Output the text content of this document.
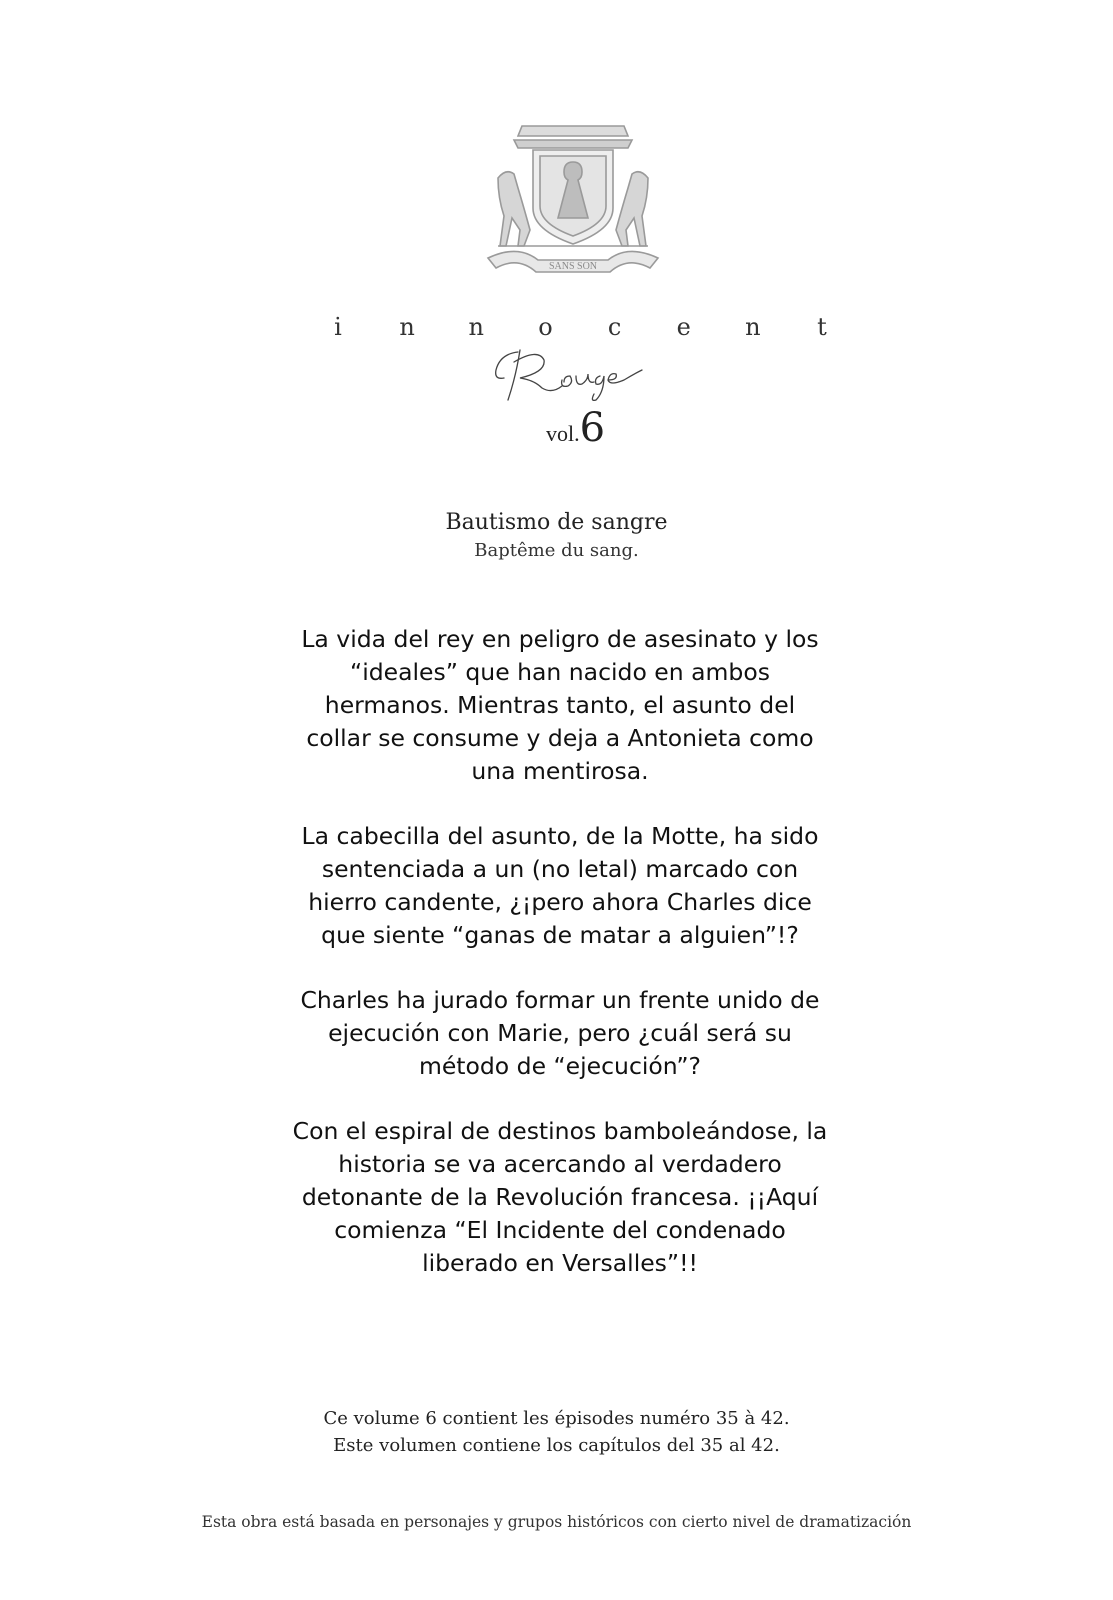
SANS SON
i n n o c e n t
vol.6
Bautismo de sangre
Baptême du sang.

La vida del rey en peligro de asesinato y los “ideales” que han nacido en ambos hermanos. Mientras tanto, el asunto del collar se consume y deja a Antonieta como una mentirosa.

La cabecilla del asunto, de la Motte, ha sido sentenciada a un (no letal) marcado con hierro candente, ¿¡pero ahora Charles dice que siente “ganas de matar a alguien”!?

Charles ha jurado formar un frente unido de ejecución con Marie, pero ¿cuál será su método de “ejecución”?

Con el espiral de destinos bamboleándose, la historia se va acercando al verdadero detonante de la Revolución francesa. ¡¡Aquí comienza “El Incidente del condenado liberado en Versalles”!!

Ce volume 6 contient les épisodes numéro 35 à 42.
Este volumen contiene los capítulos del 35 al 42.
Esta obra está basada en personajes y grupos históricos con cierto nivel de dramatización
